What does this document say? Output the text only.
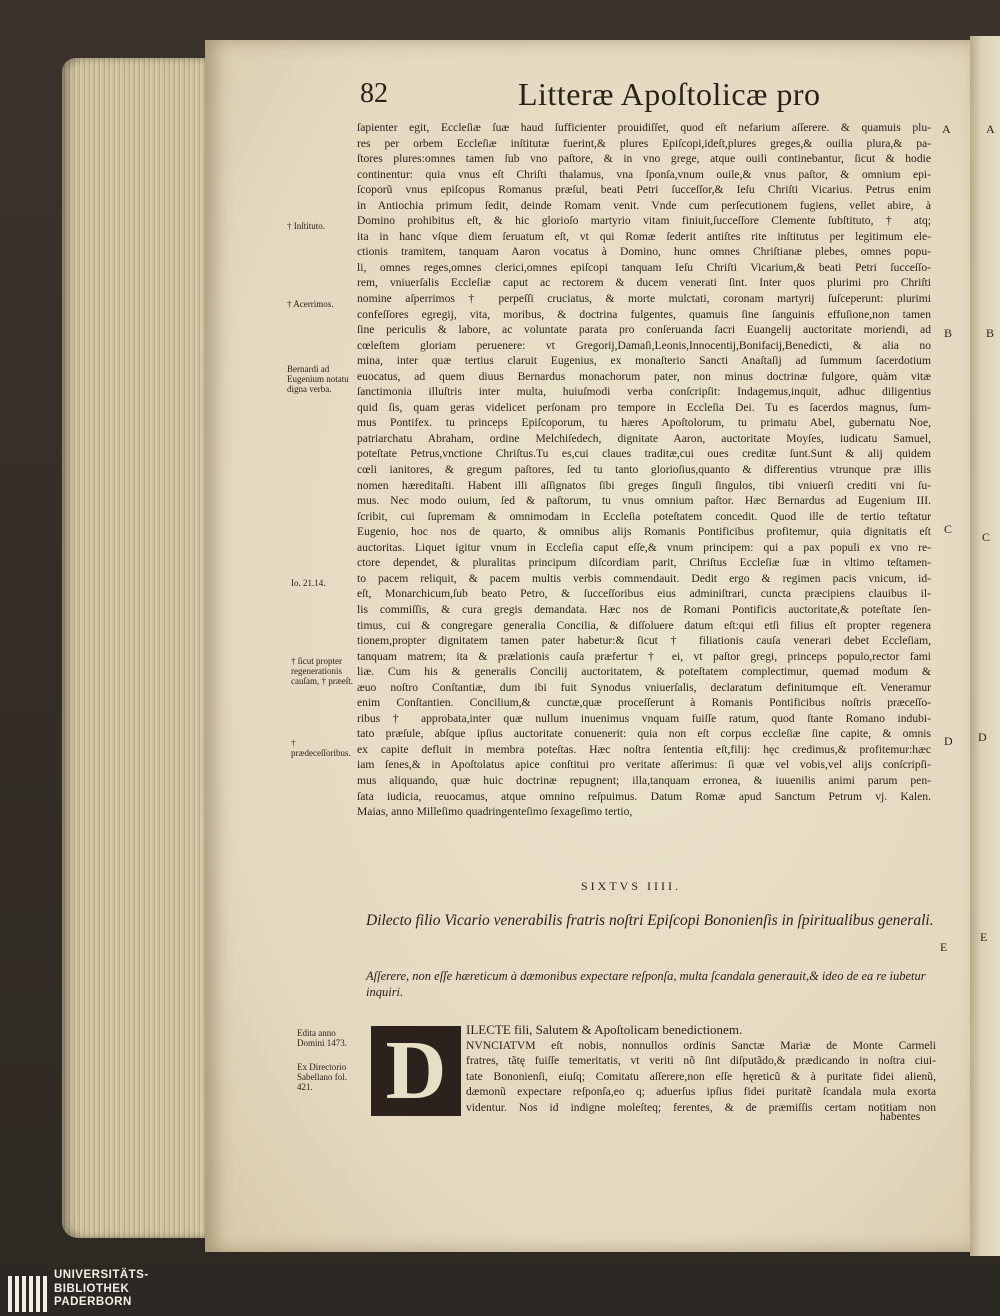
82	Litteræ Apoſtolicæ pro
ſapienter egit, Eccleſiæ ſuæ haud ſufficienter prouidiſſet, quod eſt nefarium aſſerere. & quamuis plu-
res per orbem Eccleſiæ inſtitutæ fuerint,& plures Epiſcopi,ideſt,plures greges,& ouilia plura,& pa-
ſtores plures:omnes tamen ſub vno paſtore, & in vno grege, atque ouili continebantur, ſicut & hodie
continentur: quia vnus eſt Chriſti thalamus, vna ſponſa,vnum ouile,& vnus paſtor, & omnium epi-
ſcoporũ vnus epiſcopus Romanus præſul, beati Petri ſucceſſor,& Ieſu Chriſti Vicarius. Petrus enim
in Antiochia primum ſedit, deinde Romam venit. Vnde cum perſecutionem fugiens, vellet abire, à
Domino prohibitus eſt, & hic glorioſo martyrio vitam finiuit,ſucceſſore Clemente ſubſtituto, † atq;
ita in hanc vſque diem ſeruatum eſt, vt qui Romæ ſederit antiſtes rite inſtitutus per legitimum ele-
ctionis tramitem, tanquam Aaron vocatus à Domino, hunc omnes Chriſtianæ plebes, omnes popu-
li, omnes reges,omnes clerici,omnes epiſcopi tanquam Ieſu Chriſti Vicarium,& beati Petri ſucceſſo-
rem, vniuerſalis Eccleſiæ caput ac rectorem & ducem venerati ſint. Inter quos plurimi pro Chriſti
nomine aſperrimos † perpeſſi cruciatus, & morte mulctati, coronam martyrij ſuſceperunt: plurimi
confeſſores egregij, vita, moribus, & doctrina fulgentes, quamuis ſine ſanguinis effuſione,non tamen
ſine periculis & labore, ac voluntate parata pro conſeruanda ſacri Euangelij auctoritate moriendi, ad
cœleſtem gloriam peruenere: vt Gregorij,Damaſi,Leonis,Innocentij,Bonifacij,Benedicti, & alia no
mina, inter quæ tertius claruit Eugenius, ex monaſterio Sancti Anaſtaſij ad ſummum ſacerdotium
euocatus, ad quem diuus Bernardus monachorum pater, non minus doctrinæ fulgore, quàm vitæ
ſanctimonia illuſtris inter multa, huiuſmodi verba conſcripſit: Indagemus,inquit, adhuc diligentius
quid ſis, quam geras videlicet perſonam pro tempore in Eccleſia Dei. Tu es ſacerdos magnus, ſum-
mus Pontifex. tu princeps Epiſcoporum, tu hæres Apoſtolorum, tu primatu Abel, gubernatu Noe,
patriarchatu Abraham, ordine Melchiſedech, dignitate Aaron, auctoritate Moyſes, iudicatu Samuel,
poteſtate Petrus,vnctione Chriſtus.Tu es,cui claues traditæ,cui oues creditæ ſunt.Sunt & alij quidem
cœli ianitores, & gregum paſtores, ſed tu tanto glorioſius,quanto & differentius vtrunque præ illis
nomen hæreditaſti. Habent illi aſſignatos ſibi greges ſinguli ſingulos, tibi vniuerſi crediti vni ſu-
mus. Nec modo ouium, ſed & paſtorum, tu vnus omnium paſtor. Hæc Bernardus ad Eugenium III.
ſcribit, cui ſupremam & omnimodam in Eccleſia poteſtatem concedit. Quod ille de tertio teſtatur
Eugenio, hoc nos de quarto, & omnibus alijs Romanis Pontificibus profitemur, quia dignitatis eſt
auctoritas. Liquet igitur vnum in Eccleſia caput eſſe,& vnum principem: qui a pax populi ex vno re-
ctore dependet, & pluralitas principum diſcordiam parit, Chriſtus Eccleſiæ ſuæ in vltimo teſtamen-
to pacem reliquit, & pacem multis verbis commendauit. Dedit ergo & regimen pacis vnicum, id-
eſt, Monarchicum,ſub beato Petro, & ſucceſſoribus eius adminiſtrari, cuncta præcipiens clauibus il-
lis commiſſis, & cura gregis demandata. Hæc nos de Romani Pontificis auctoritate,& poteſtate ſen-
timus, cui & congregare generalia Concilia, & diſſoluere datum eſt:qui etſi filius eſt propter regenera
tionem,propter dignitatem tamen pater habetur:& ſicut † filiationis cauſa venerari debet Eccleſiam,
tanquam matrem; ita & prælationis cauſa præfertur † ei, vt paſtor gregi, princeps populo,rector fami
liæ. Cum his & generalis Concilij auctoritatem, & poteſtatem complectimur, quemad modum &
æuo noſtro Conſtantiæ, dum ibi fuit Synodus vniuerſalis, declaratum definitumque eſt. Veneramur
enim Conſtantien. Concilium,& cunctæ,quæ proceſſerunt à Romanis Pontificibus noſtris præceſſo-
ribus † approbata,inter quæ nullum inuenimus vnquam fuiſſe ratum, quod ſtante Romano indubi-
tato præſule, abſque ipſius auctoritate conuenerit: quia non eſt corpus eccleſiæ ſine capite, & omnis
ex capite defluit in membra poteſtas. Hæc noſtra ſententia eſt,filij: hęc credimus,& profitemur:hæc
iam ſenes,& in Apoſtolatus apice conſtitui pro veritate aſſerimus: ſi quæ vel vobis,vel alijs conſcripſi-
mus aliquando, quæ huic doctrinæ repugnent; illa,tanquam erronea, & iuuenilis animi parum pen-
ſata iudicia, reuocamus, atque omnino reſpuimus. Datum Romæ apud Sanctum Petrum vj. Kalen.
Maias, anno Milleſimo quadringenteſimo ſexageſimo tertio,
† Inſtituto.
† Acerrimos.
Bernardi ad Eugenium notatu digna verba.
Io. 21.14.
† ſicut propter regenerationis cauſam, † præeſt.
† prædeceſſoribus.
Edita anno Domini 1473.
Ex Directorio Sabellano fol. 421.
A
B
C
D
E
A
B
C
D
E
SIXTVS IIII.
Dilecto filio Vicario venerabilis fratris noſtri Epiſcopi Bononienſis in ſpiritualibus generali.
Aſſerere, non eſſe hæreticum à dæmonibus expectare reſponſa, multa ſcandala generauit,& ideo de ea re iubetur inquiri.
D	ILECTE fili, Salutem & Apoſtolicam benedictionem.
NVNCIATVM eſt nobis, nonnullos ordinis Sanctæ Mariæ de Monte Carmeli
fratres, tãtę fuiſſe temeritatis, vt veriti nõ ſint diſputãdo,& prædicando in noſtra ciui-
tate Bononienſi, eiuſq; Comitatu aſſerere,non eſſe hęreticũ & à puritate fidei alienũ,
dæmonũ expectare reſponſa,eo q; aduerſus ipſius fidei puritatẽ ſcandala mula exorta
videntur. Nos id indigne moleſteq; ferentes, & de præmiſſis certam notitiam non
habentes
UNIVERSITÄTS-
BIBLIOTHEK
PADERBORN
